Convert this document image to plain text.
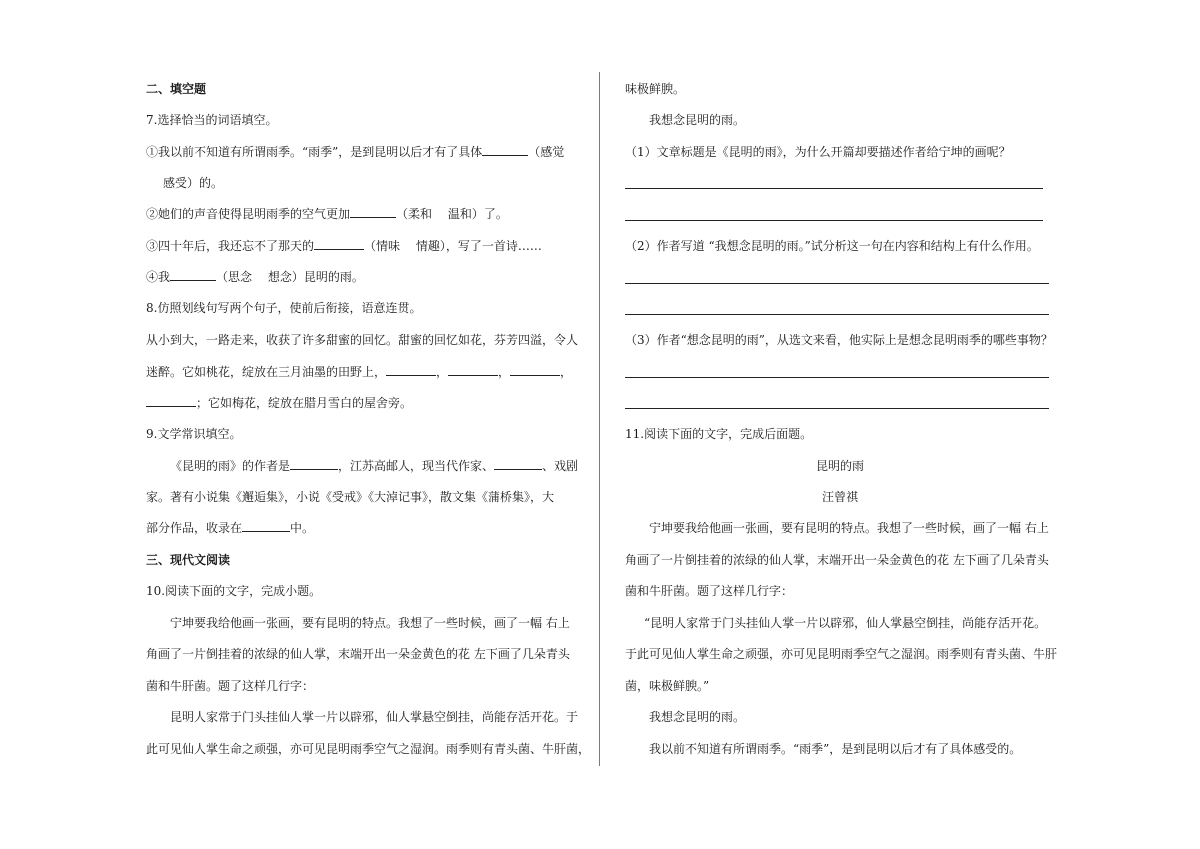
二、填空题
7.选择恰当的词语填空。
①我以前不知道有所谓雨季。“雨季”，是到昆明以后才有了具体	（感觉
感受）的。
②她们的声音使得昆明雨季的空气更加	（柔和　 温和）了。
③四十年后，我还忘不了那天的	（情味　 情趣），写了一首诗……
④我	（思念　 想念）昆明的雨。
8.仿照划线句写两个句子，使前后衔接，语意连贯。
从小到大，一路走来，收获了许多甜蜜的回忆。甜蜜的回忆如花，芬芳四溢，令人
迷醉。它如桃花，绽放在三月油墨的田野上，	，	，	，
；它如梅花，绽放在腊月雪白的屋舍旁。
9.文学常识填空。
《昆明的雨》的作者是	，江苏高邮人，现当代作家、	、戏剧
家。著有小说集《邂逅集》，小说《受戒》《大淖记事》，散文集《蒲桥集》，大
部分作品，收录在	中。
三、现代文阅读
10.阅读下面的文字，完成小题。
宁坤要我给他画一张画，要有昆明的特点。我想了一些时候，画了一幅 右上
角画了一片倒挂着的浓绿的仙人掌，末端开出一朵金黄色的花 左下画了几朵青头
菌和牛肝菌。题了这样几行字：
昆明人家常于门头挂仙人掌一片以辟邪，仙人掌悬空倒挂，尚能存活开花。于
此可见仙人掌生命之顽强，亦可见昆明雨季空气之湿润。雨季则有青头菌、牛肝菌，
味极鲜腴。
我想念昆明的雨。
（1）文章标题是《昆明的雨》，为什么开篇却要描述作者给宁坤的画呢？
（2）作者写道 “我想念昆明的雨。”试分析这一句在内容和结构上有什么作用。
（3）作者“想念昆明的雨”，从选文来看，他实际上是想念昆明雨季的哪些事物？
11.阅读下面的文字，完成后面题。
昆明的雨
汪曾祺
宁坤要我给他画一张画，要有昆明的特点。我想了一些时候，画了一幅 右上
角画了一片倒挂着的浓绿的仙人掌，末端开出一朵金黄色的花 左下画了几朵青头
菌和牛肝菌。题了这样几行字：
“昆明人家常于门头挂仙人掌一片以辟邪，仙人掌悬空倒挂，尚能存活开花。
于此可见仙人掌生命之顽强，亦可见昆明雨季空气之湿润。雨季则有青头菌、牛肝
菌，味极鲜腴。”
我想念昆明的雨。
我以前不知道有所谓雨季。“雨季”，是到昆明以后才有了具体感受的。
